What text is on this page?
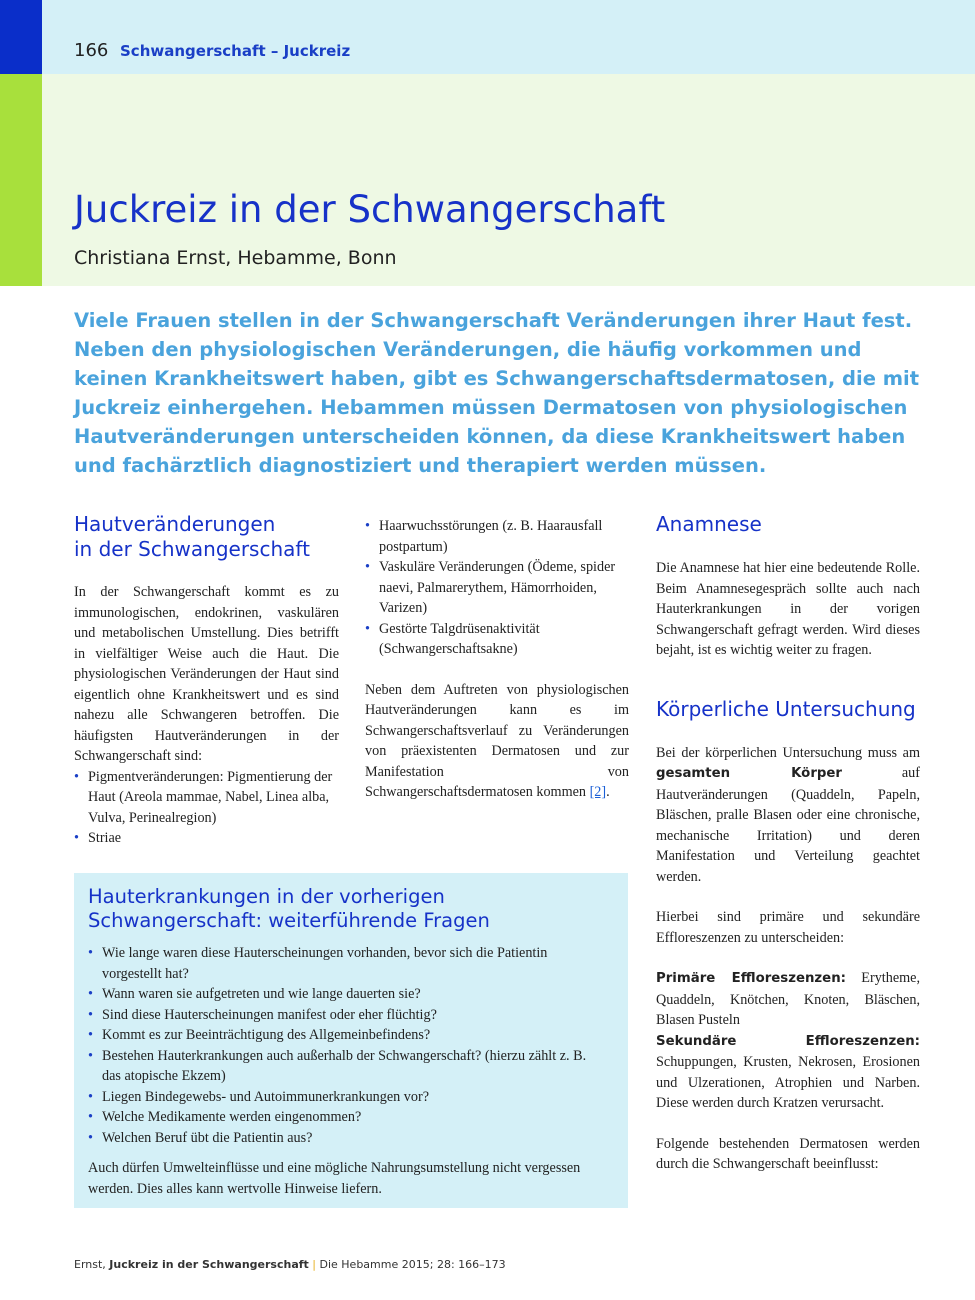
166 Schwangerschaft – Juckreiz
Juckreiz in der Schwangerschaft
Christiana Ernst, Hebamme, Bonn

Viele Frauen stellen in der Schwangerschaft Veränderungen ihrer Haut fest. Neben den physiologischen Veränderungen, die häufig vorkommen und keinen Krankheitswert haben, gibt es Schwangerschaftsdermatosen, die mit Juckreiz einhergehen. Hebammen müssen Dermatosen von physiologischen Hautveränderungen unterscheiden können, da diese Krankheitswert haben und fachärztlich diagnostiziert und therapiert werden müssen.

Hautveränderungen
in der Schwangerschaft

In der Schwangerschaft kommt es zu immunologischen, endokrinen, vaskulären und metabolischen Umstellung. Dies betrifft in vielfältiger Weise auch die Haut. Die physiologischen Veränderungen der Haut sind eigentlich ohne Krankheitswert und es sind nahezu alle Schwangeren betroffen. Die häufigsten Hautveränderungen in der Schwangerschaft sind:

• Pigmentveränderungen: Pigmentierung der Haut (Areola mammae, Nabel, Linea alba, Vulva, Perinealregion)
• Striae
• Haarwuchsstörungen (z. B. Haarausfall postpartum)
• Vaskuläre Veränderungen (Ödeme, spider naevi, Palmarerythem, Hämorrhoiden, Varizen)
• Gestörte Talgdrüsenaktivität (Schwangerschaftsakne)

Neben dem Auftreten von physiologischen Hautveränderungen kann es im Schwangerschaftsverlauf zu Veränderungen von präexistenten Dermatosen und zur Manifestation von Schwangerschaftsdermatosen kommen [2].

Anamnese

Die Anamnese hat hier eine bedeutende Rolle. Beim Anamnesegespräch sollte auch nach Hauterkrankungen in der vorigen Schwangerschaft gefragt werden. Wird dieses bejaht, ist es wichtig weiter zu fragen.

Körperliche Untersuchung

Bei der körperlichen Untersuchung muss am gesamten Körper auf Hautveränderungen (Quaddeln, Papeln, Bläschen, pralle Blasen oder eine chronische, mechanische Irritation) und deren Manifestation und Verteilung geachtet werden.

Hierbei sind primäre und sekundäre Effloreszenzen zu unterscheiden:

Primäre Effloreszenzen: Erytheme, Quaddeln, Knötchen, Knoten, Bläschen, Blasen Pusteln

Sekundäre Effloreszenzen: Schuppungen, Krusten, Nekrosen, Erosionen und Ulzerationen, Atrophien und Narben. Diese werden durch Kratzen verursacht.

Folgende bestehenden Dermatosen werden durch die Schwangerschaft beeinflusst:

Hauterkrankungen in der vorherigen
Schwangerschaft: weiterführende Fragen
• Wie lange waren diese Hauterscheinungen vorhanden, bevor sich die Patientin vorgestellt hat?
• Wann waren sie aufgetreten und wie lange dauerten sie?
• Sind diese Hauterscheinungen manifest oder eher flüchtig?
• Kommt es zur Beeinträchtigung des Allgemeinbefindens?
• Bestehen Hauterkrankungen auch außerhalb der Schwangerschaft? (hierzu zählt z. B. das atopische Ekzem)
• Liegen Bindegewebs- und Autoimmunerkrankungen vor?
• Welche Medikamente werden eingenommen?
• Welchen Beruf übt die Patientin aus?

Auch dürfen Umwelteinflüsse und eine mögliche Nahrungsumstellung nicht vergessen werden. Dies alles kann wertvolle Hinweise liefern.

Ernst, Juckreiz in der Schwangerschaft | Die Hebamme 2015; 28: 166–173
